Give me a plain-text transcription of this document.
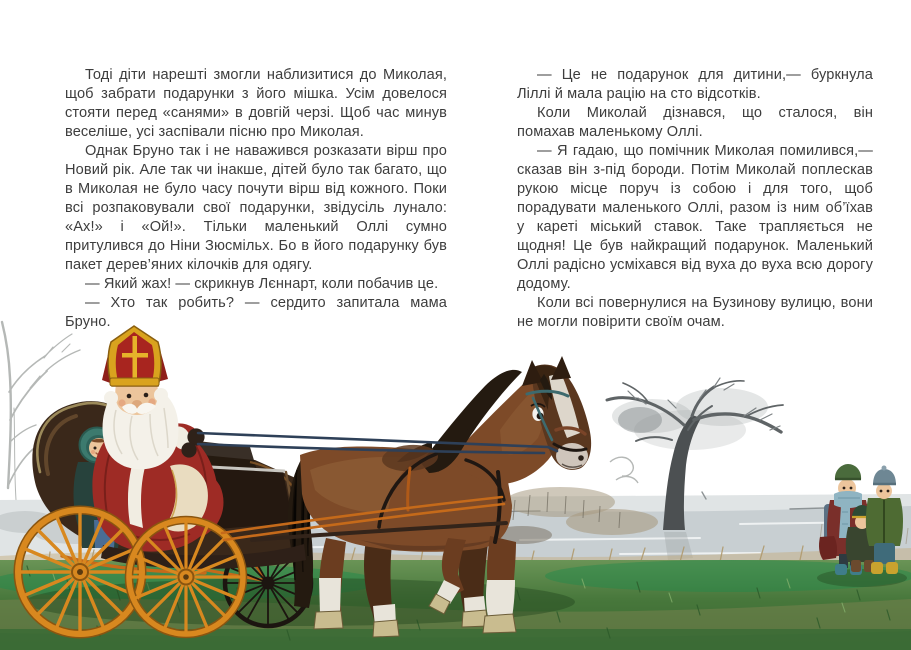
Тоді діти нарешті змогли наблизитися до Миколая, щоб забрати подарунки з його мішка. Усім довелося стояти перед «санями» в довгій черзі. Щоб час минув веселіше, усі заспівали пісню про Миколая.

Однак Бруно так і не наважився розказати вірш про Новий рік. Але так чи інакше, дітей було так багато, що в Миколая не було часу почути вірш від кожного. Поки всі розпаковували свої подарунки, звідусіль лунало: «Ах!» і «Ой!». Тільки маленький Оллі сумно притулився до Ніни Зюсмільх. Бо в його подарунку був пакет дерев’яних кілочків для одягу.

— Який жах! — скрикнув Лєннарт, коли побачив це.

— Хто так робить? — сердито запитала мама Бруно.

— Це не подарунок для дитини,— буркнула Ліллі й мала рацію на сто відсотків.

Коли Миколай дізнався, що сталося, він помахав маленькому Оллі.

— Я гадаю, що помічник Миколая помилився,— сказав він з-під бороди. Потім Миколай поплескав рукою місце поруч із собою і для того, щоб порадувати маленького Оллі, разом із ним об’їхав у кареті міський ставок. Таке трапляється не щодня! Це був найкращий подарунок. Маленький Оллі радісно усміхався від вуха до вуха всю дорогу додому.

Коли всі повернулися на Бузинову вулицю, вони не могли повірити своїм очам.
